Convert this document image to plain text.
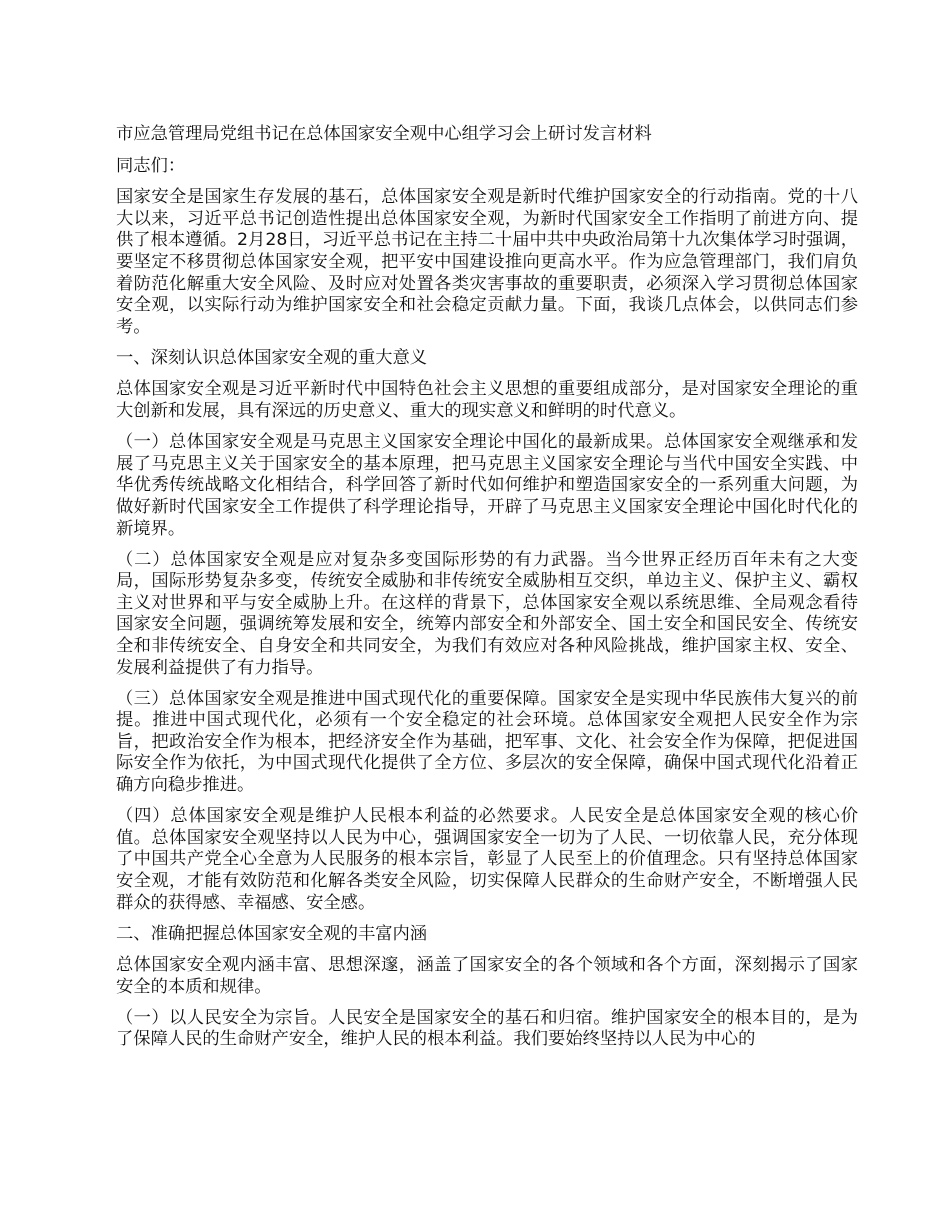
市应急管理局党组书记在总体国家安全观中心组学习会上研讨发言材料

同志们：

国家安全是国家生存发展的基石，总体国家安全观是新时代维护国家安全的行动指南。党的十八大以来，习近平总书记创造性提出总体国家安全观，为新时代国家安全工作指明了前进方向、提供了根本遵循。2月28日，习近平总书记在主持二十届中共中央政治局第十九次集体学习时强调，要坚定不移贯彻总体国家安全观，把平安中国建设推向更高水平。作为应急管理部门，我们肩负着防范化解重大安全风险、及时应对处置各类灾害事故的重要职责，必须深入学习贯彻总体国家安全观，以实际行动为维护国家安全和社会稳定贡献力量。下面，我谈几点体会，以供同志们参考。

一、深刻认识总体国家安全观的重大意义

总体国家安全观是习近平新时代中国特色社会主义思想的重要组成部分，是对国家安全理论的重大创新和发展，具有深远的历史意义、重大的现实意义和鲜明的时代意义。

（一）总体国家安全观是马克思主义国家安全理论中国化的最新成果。总体国家安全观继承和发展了马克思主义关于国家安全的基本原理，把马克思主义国家安全理论与当代中国安全实践、中华优秀传统战略文化相结合，科学回答了新时代如何维护和塑造国家安全的一系列重大问题，为做好新时代国家安全工作提供了科学理论指导，开辟了马克思主义国家安全理论中国化时代化的新境界。

（二）总体国家安全观是应对复杂多变国际形势的有力武器。当今世界正经历百年未有之大变局，国际形势复杂多变，传统安全威胁和非传统安全威胁相互交织，单边主义、保护主义、霸权主义对世界和平与安全威胁上升。在这样的背景下，总体国家安全观以系统思维、全局观念看待国家安全问题，强调统筹发展和安全，统筹内部安全和外部安全、国土安全和国民安全、传统安全和非传统安全、自身安全和共同安全，为我们有效应对各种风险挑战，维护国家主权、安全、发展利益提供了有力指导。

（三）总体国家安全观是推进中国式现代化的重要保障。国家安全是实现中华民族伟大复兴的前提。推进中国式现代化，必须有一个安全稳定的社会环境。总体国家安全观把人民安全作为宗旨，把政治安全作为根本，把经济安全作为基础，把军事、文化、社会安全作为保障，把促进国际安全作为依托，为中国式现代化提供了全方位、多层次的安全保障，确保中国式现代化沿着正确方向稳步推进。

（四）总体国家安全观是维护人民根本利益的必然要求。人民安全是总体国家安全观的核心价值。总体国家安全观坚持以人民为中心，强调国家安全一切为了人民、一切依靠人民，充分体现了中国共产党全心全意为人民服务的根本宗旨，彰显了人民至上的价值理念。只有坚持总体国家安全观，才能有效防范和化解各类安全风险，切实保障人民群众的生命财产安全，不断增强人民群众的获得感、幸福感、安全感。

二、准确把握总体国家安全观的丰富内涵

总体国家安全观内涵丰富、思想深邃，涵盖了国家安全的各个领域和各个方面，深刻揭示了国家安全的本质和规律。

（一）以人民安全为宗旨。人民安全是国家安全的基石和归宿。维护国家安全的根本目的，是为了保障人民的生命财产安全，维护人民的根本利益。我们要始终坚持以人民为中心的
